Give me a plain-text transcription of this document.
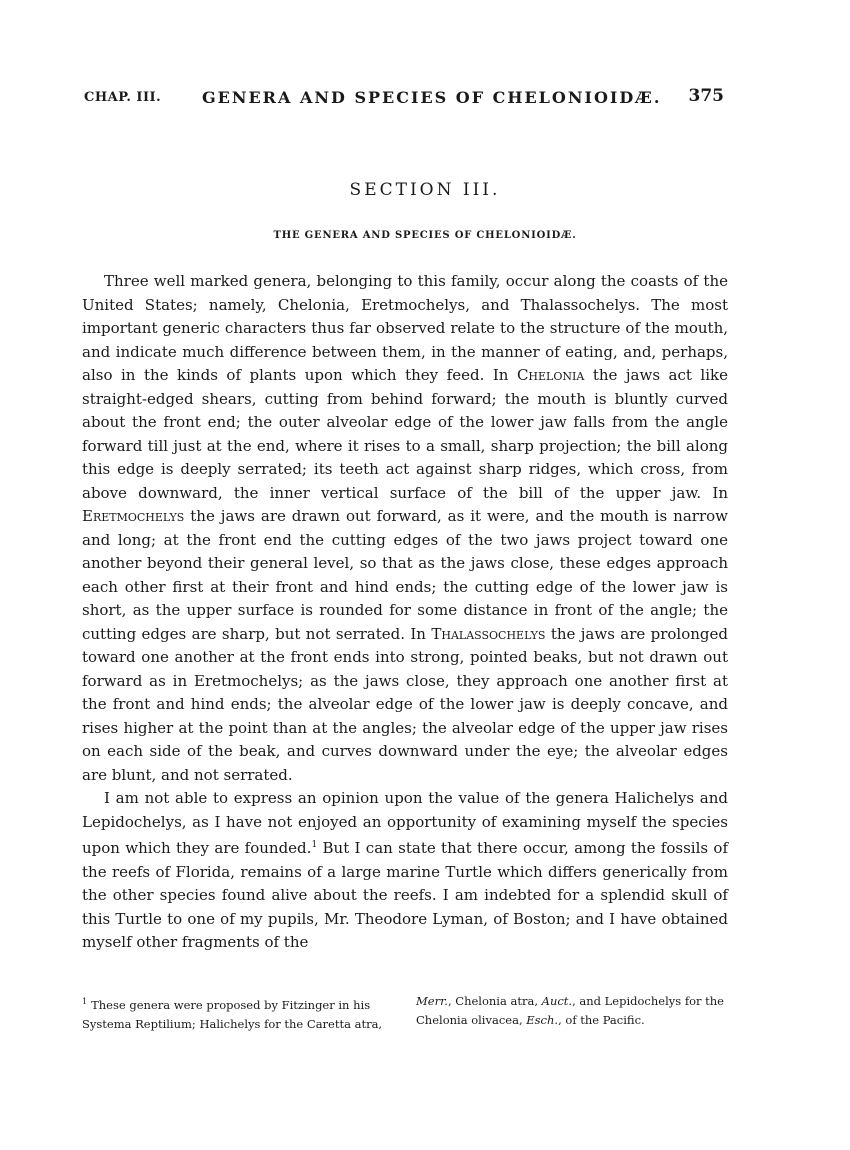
CHAP. III.	GENERA AND SPECIES OF CHELONIOIDÆ. 375
SECTION III.
THE GENERA AND SPECIES OF CHELONIOIDÆ.

Three well marked genera, belonging to this family, occur along the coasts of the United States; namely, Chelonia, Eretmochelys, and Thalassochelys. The most important generic characters thus far observed relate to the structure of the mouth, and indicate much difference between them, in the manner of eating, and, perhaps, also in the kinds of plants upon which they feed. In Chelonia the jaws act like straight-edged shears, cutting from behind forward; the mouth is bluntly curved about the front end; the outer alveolar edge of the lower jaw falls from the angle forward till just at the end, where it rises to a small, sharp projection; the bill along this edge is deeply serrated; its teeth act against sharp ridges, which cross, from above downward, the inner vertical surface of the bill of the upper jaw. In Eretmochelys the jaws are drawn out forward, as it were, and the mouth is narrow and long; at the front end the cutting edges of the two jaws project toward one another beyond their general level, so that as the jaws close, these edges approach each other first at their front and hind ends; the cutting edge of the lower jaw is short, as the upper surface is rounded for some distance in front of the angle; the cutting edges are sharp, but not serrated. In Thalassochelys the jaws are prolonged toward one another at the front ends into strong, pointed beaks, but not drawn out forward as in Eretmochelys; as the jaws close, they approach one another first at the front and hind ends; the alveolar edge of the lower jaw is deeply concave, and rises higher at the point than at the angles; the alveolar edge of the upper jaw rises on each side of the beak, and curves downward under the eye; the alveolar edges are blunt, and not serrated.

I am not able to express an opinion upon the value of the genera Halichelys and Lepidochelys, as I have not enjoyed an opportunity of examining myself the species upon which they are founded.$^1$ But I can state that there occur, among the fossils of the reefs of Florida, remains of a large marine Turtle which differs generically from the other species found alive about the reefs. I am indebted for a splendid skull of this Turtle to one of my pupils, Mr. Theodore Lyman, of Boston; and I have obtained myself other fragments of the

$^1$ These genera were proposed by Fitzinger in his
Systema Reptilium; Halichelys for the Caretta atra,
Merr., Chelonia atra, Auct., and Lepidochelys for the
Chelonia olivacea, Esch., of the Pacific.
